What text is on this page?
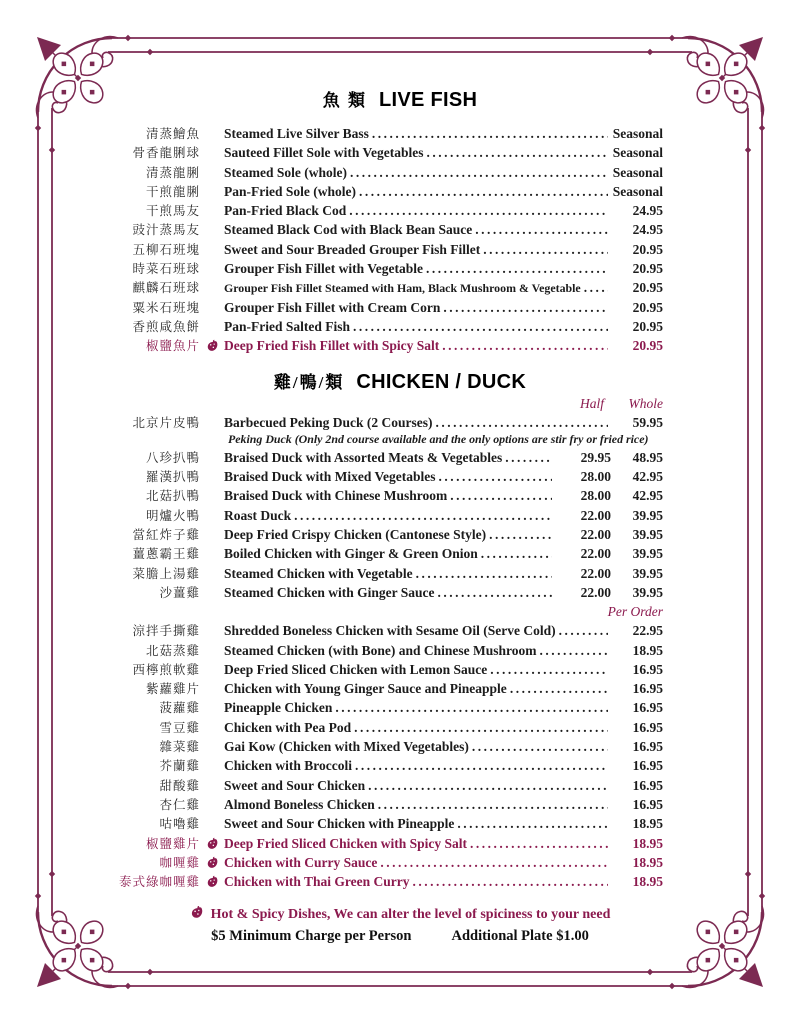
魚 類 LIVE FISH
清蒸鱠魚 Steamed Live Silver Bass .....	Seasonal
骨香龍脷球 Sauteed Fillet Sole with Vegetables .....	Seasonal
清蒸龍脷 Steamed Sole (whole) .....	Seasonal
干煎龍脷 Pan-Fried Sole (whole) .....	Seasonal
干煎馬友 Pan-Fried Black Cod .....	24.95
豉汁蒸馬友 Steamed Black Cod with Black Bean Sauce .....	24.95
五柳石班塊 Sweet and Sour Breaded Grouper Fish Fillet .....	20.95
時菜石班球 Grouper Fish Fillet with Vegetable .....	20.95
麒麟石班球 Grouper Fish Fillet Steamed with Ham, Black Mushroom & Vegetable .....	20.95
粟米石班塊 Grouper Fish Fillet with Cream Corn .....	20.95
香煎咸魚餅 Pan-Fried Salted Fish .....	20.95
椒鹽魚片 Deep Fried Fish Fillet with Spicy Salt .....	20.95
雞/鴨/類 CHICKEN / DUCK
Half	Whole
北京片皮鴨 Barbecued Peking Duck (2 Courses) .....	59.95
Peking Duck (Only 2nd course available and the only options are stir fry or fried rice)
八珍扒鴨 Braised Duck with Assorted Meats & Vegetables .....	29.95	48.95
羅漢扒鴨 Braised Duck with Mixed Vegetables .....	28.00	42.95
北菇扒鴨 Braised Duck with Chinese Mushroom .....	28.00	42.95
明爐火鴨 Roast Duck .....	22.00	39.95
當紅炸子雞 Deep Fried Crispy Chicken (Cantonese Style) .....	22.00	39.95
薑蔥霸王雞 Boiled Chicken with Ginger & Green Onion .....	22.00	39.95
菜膽上湯雞 Steamed Chicken with Vegetable .....	22.00	39.95
沙薑雞 Steamed Chicken with Ginger Sauce .....	22.00	39.95
Per Order
涼拌手撕雞 Shredded Boneless Chicken with Sesame Oil (Serve Cold) .....	22.95
北菇蒸雞 Steamed Chicken (with Bone) and Chinese Mushroom .....	18.95
西檸煎軟雞 Deep Fried Sliced Chicken with Lemon Sauce .....	16.95
紫蘿雞片 Chicken with Young Ginger Sauce and Pineapple .....	16.95
菠蘿雞 Pineapple Chicken .....	16.95
雪豆雞 Chicken with Pea Pod .....	16.95
雜菜雞 Gai Kow (Chicken with Mixed Vegetables) .....	16.95
芥蘭雞 Chicken with Broccoli .....	16.95
甜酸雞 Sweet and Sour Chicken .....	16.95
杏仁雞 Almond Boneless Chicken .....	16.95
咕嚕雞 Sweet and Sour Chicken with Pineapple .....	18.95
椒鹽雞片 Deep Fried Sliced Chicken with Spicy Salt .....	18.95
咖喱雞 Chicken with Curry Sauce .....	18.95
泰式綠咖喱雞 Chicken with Thai Green Curry .....	18.95
Hot & Spicy Dishes, We can alter the level of spiciness to your need
$5 Minimum Charge per Person	Additional Plate $1.00
